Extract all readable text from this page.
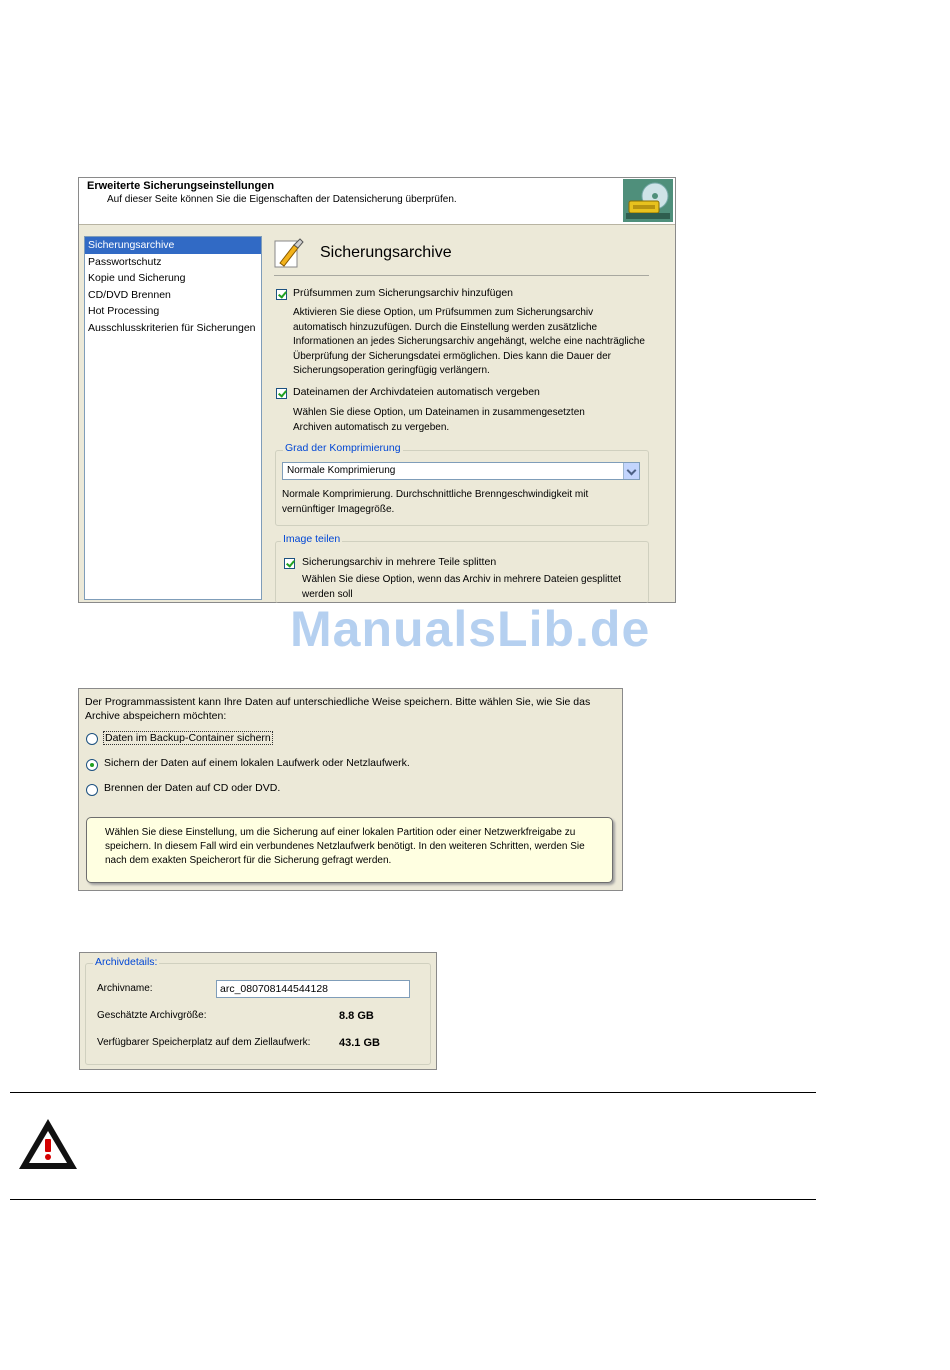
Erweiterte Sicherungseinstellungen
Auf dieser Seite können Sie die Eigenschaften der Datensicherung überprüfen.
Sicherungsarchive
Passwortschutz
Kopie und Sicherung
CD/DVD Brennen
Hot Processing
Ausschlusskriterien für Sicherungen
Sicherungsarchive
Prüfsummen zum Sicherungsarchiv hinzufügen
Aktivieren Sie diese Option, um Prüfsummen zum Sicherungsarchiv automatisch hinzuzufügen. Durch die Einstellung werden zusätzliche Informationen an jedes Sicherungsarchiv angehängt, welche eine nachträgliche Überprüfung der Sicherungsdatei ermöglichen. Dies kann die Dauer der Sicherungsoperation geringfügig verlängern.
Dateinamen der Archivdateien automatisch vergeben
Wählen Sie diese Option, um Dateinamen in zusammengesetzten Archiven automatisch zu vergeben.
Grad der Komprimierung
Normale Komprimierung
Normale Komprimierung. Durchschnittliche Brenngeschwindigkeit mit vernünftiger Imagegröße.
Image teilen
Sicherungsarchiv in mehrere Teile splitten
Wählen Sie diese Option, wenn das Archiv in mehrere Dateien gesplittet werden soll
ManualsLib.de
Der Programmassistent kann Ihre Daten auf unterschiedliche Weise speichern. Bitte wählen Sie, wie Sie das Archive abspeichern möchten:
Daten im Backup-Container sichern
Sichern der Daten auf einem lokalen Laufwerk oder Netzlaufwerk.
Brennen der Daten auf CD oder DVD.
Wählen Sie diese Einstellung, um die Sicherung auf einer lokalen Partition oder einer Netzwerkfreigabe zu speichern. In diesem Fall wird ein verbundenes Netzlaufwerk benötigt. In den weiteren Schritten, werden Sie nach dem exakten Speicherort für die Sicherung gefragt werden.
Archivdetails:
Archivname:	arc_080708144544128
Geschätzte Archivgröße:	8.8 GB
Verfügbarer Speicherplatz auf dem Ziellaufwerk:	43.1 GB
